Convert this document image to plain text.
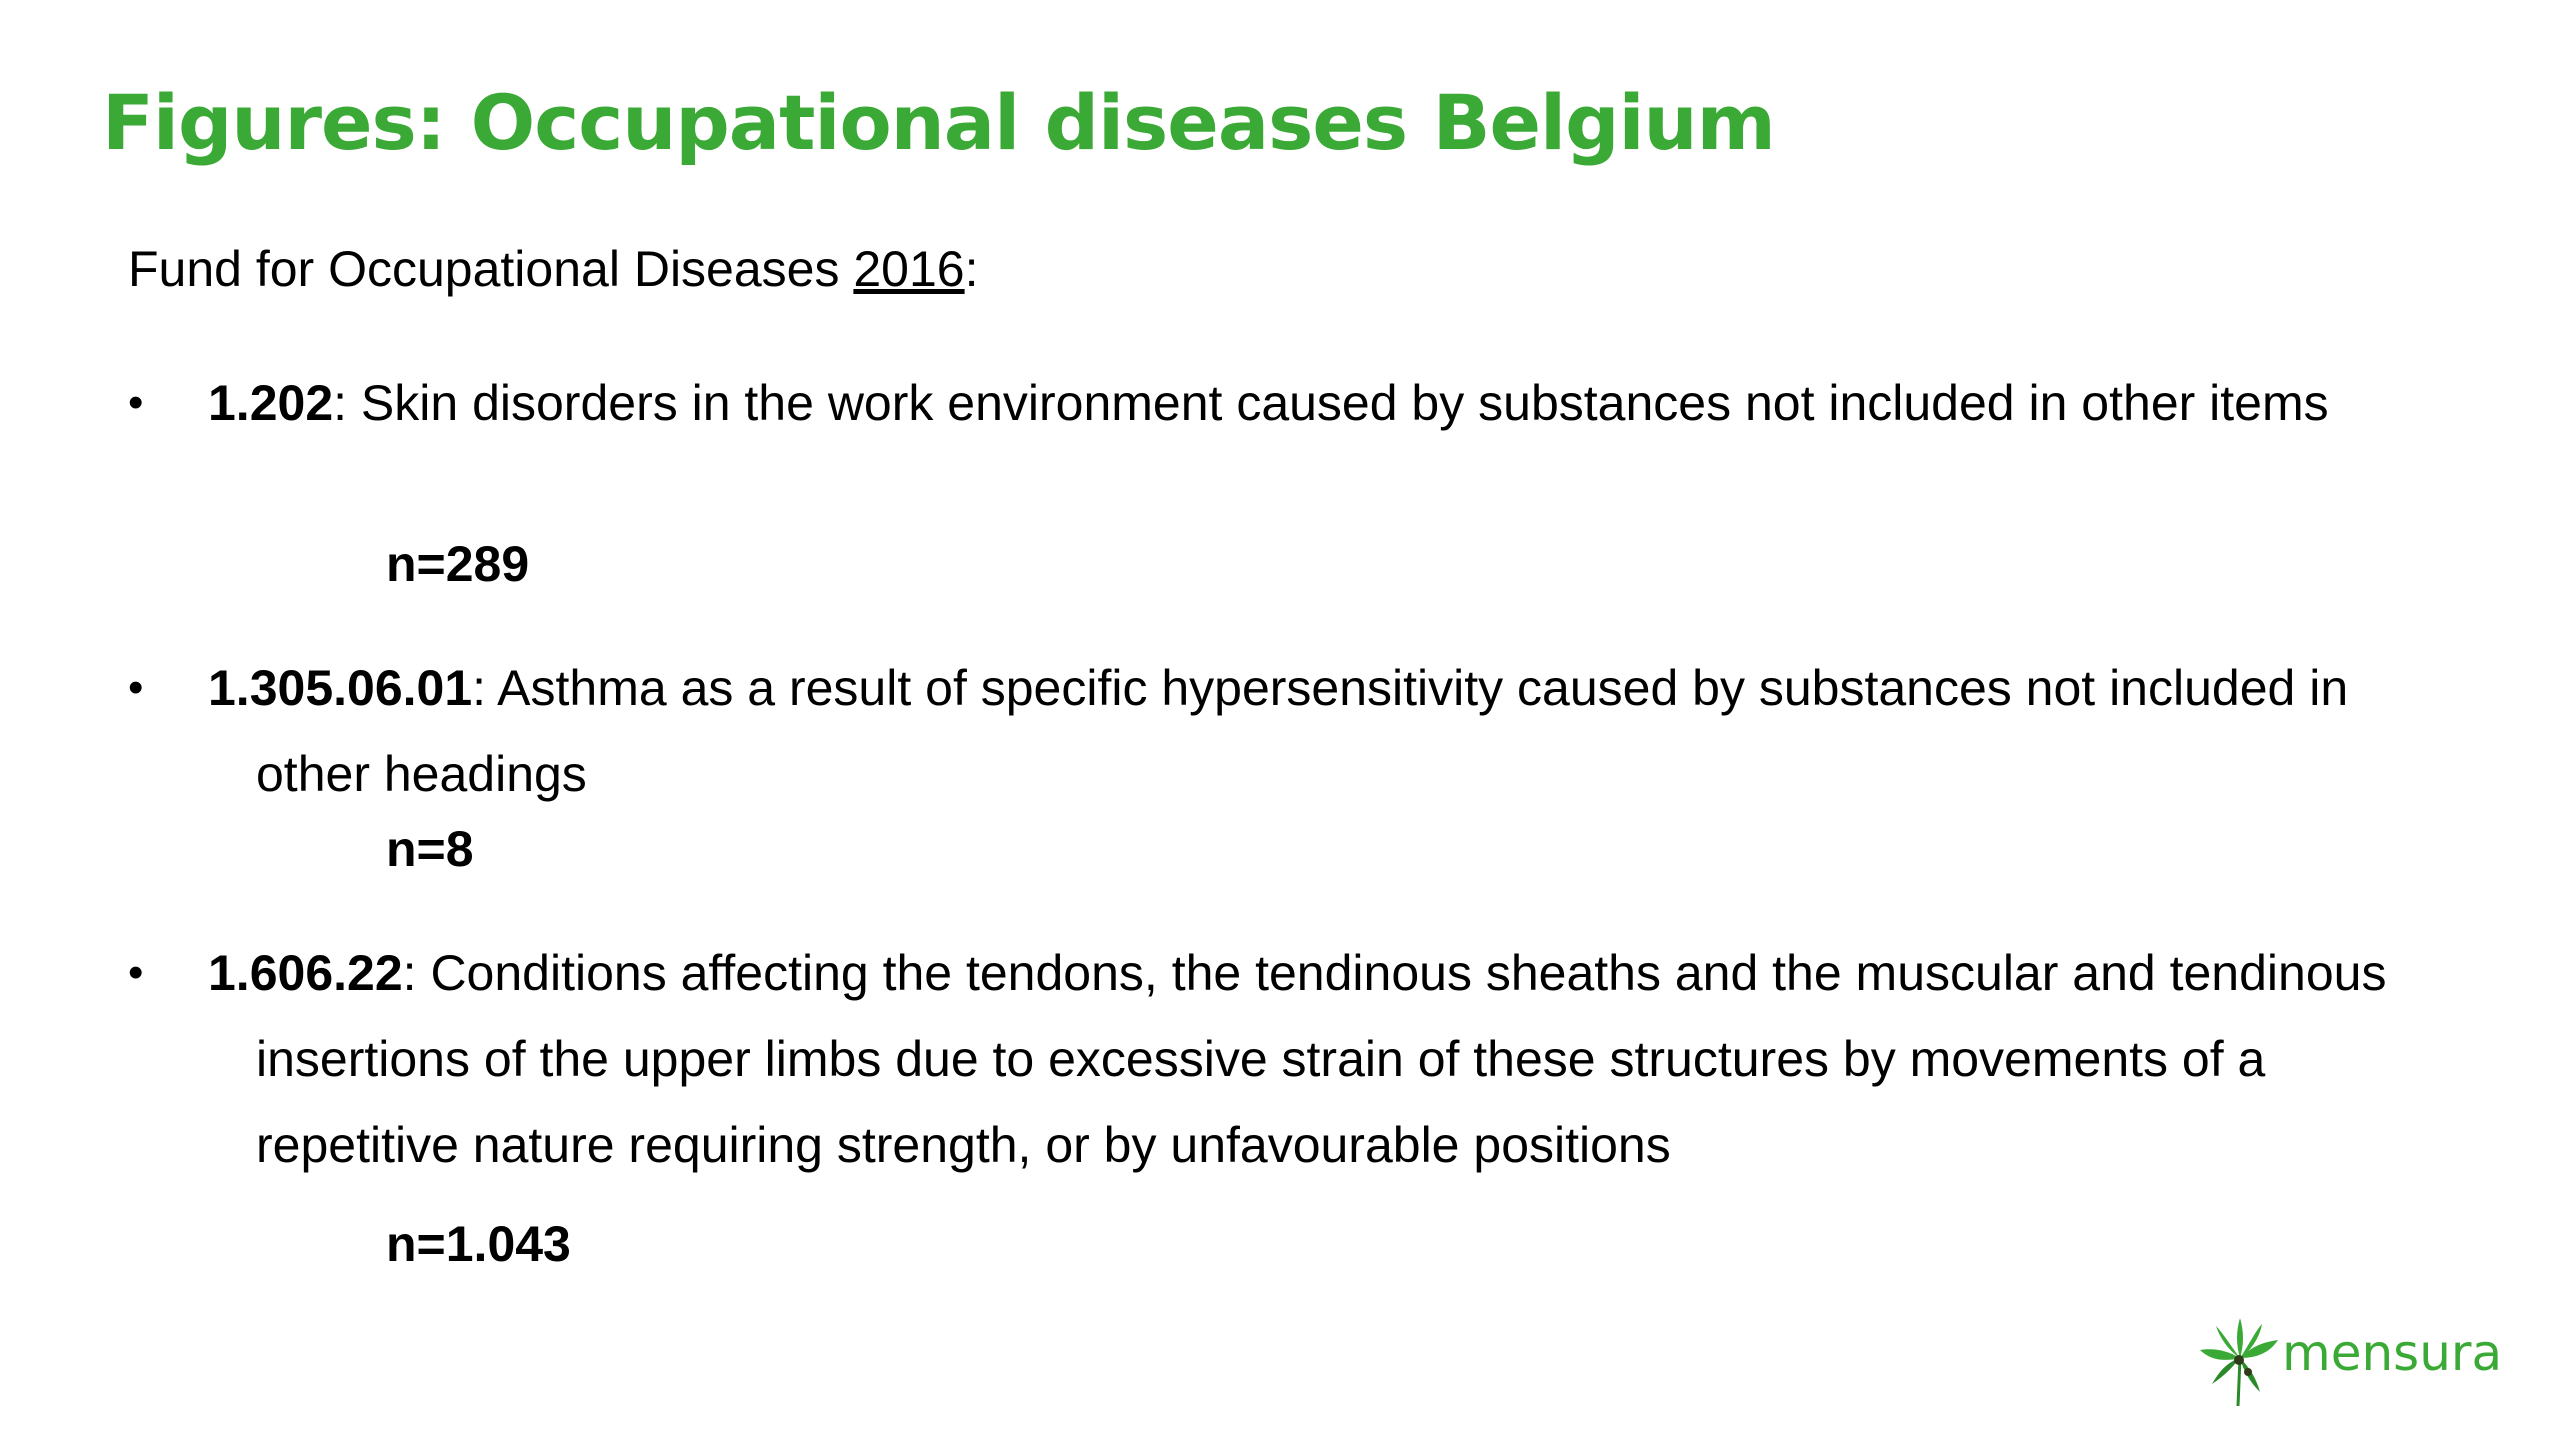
Figures: Occupational diseases Belgium
Fund for Occupational Diseases 2016:
• 1.202: Skin disorders in the work environment caused by substances not included in other items
n=289
• 1.305.06.01: Asthma as a result of specific hypersensitivity caused by substances not included in other headings
n=8
• 1.606.22: Conditions affecting the tendons, the tendinous sheaths and the muscular and tendinous insertions of the upper limbs due to excessive strain of these structures by movements of a repetitive nature requiring strength, or by unfavourable positions
n=1.043
mensura
